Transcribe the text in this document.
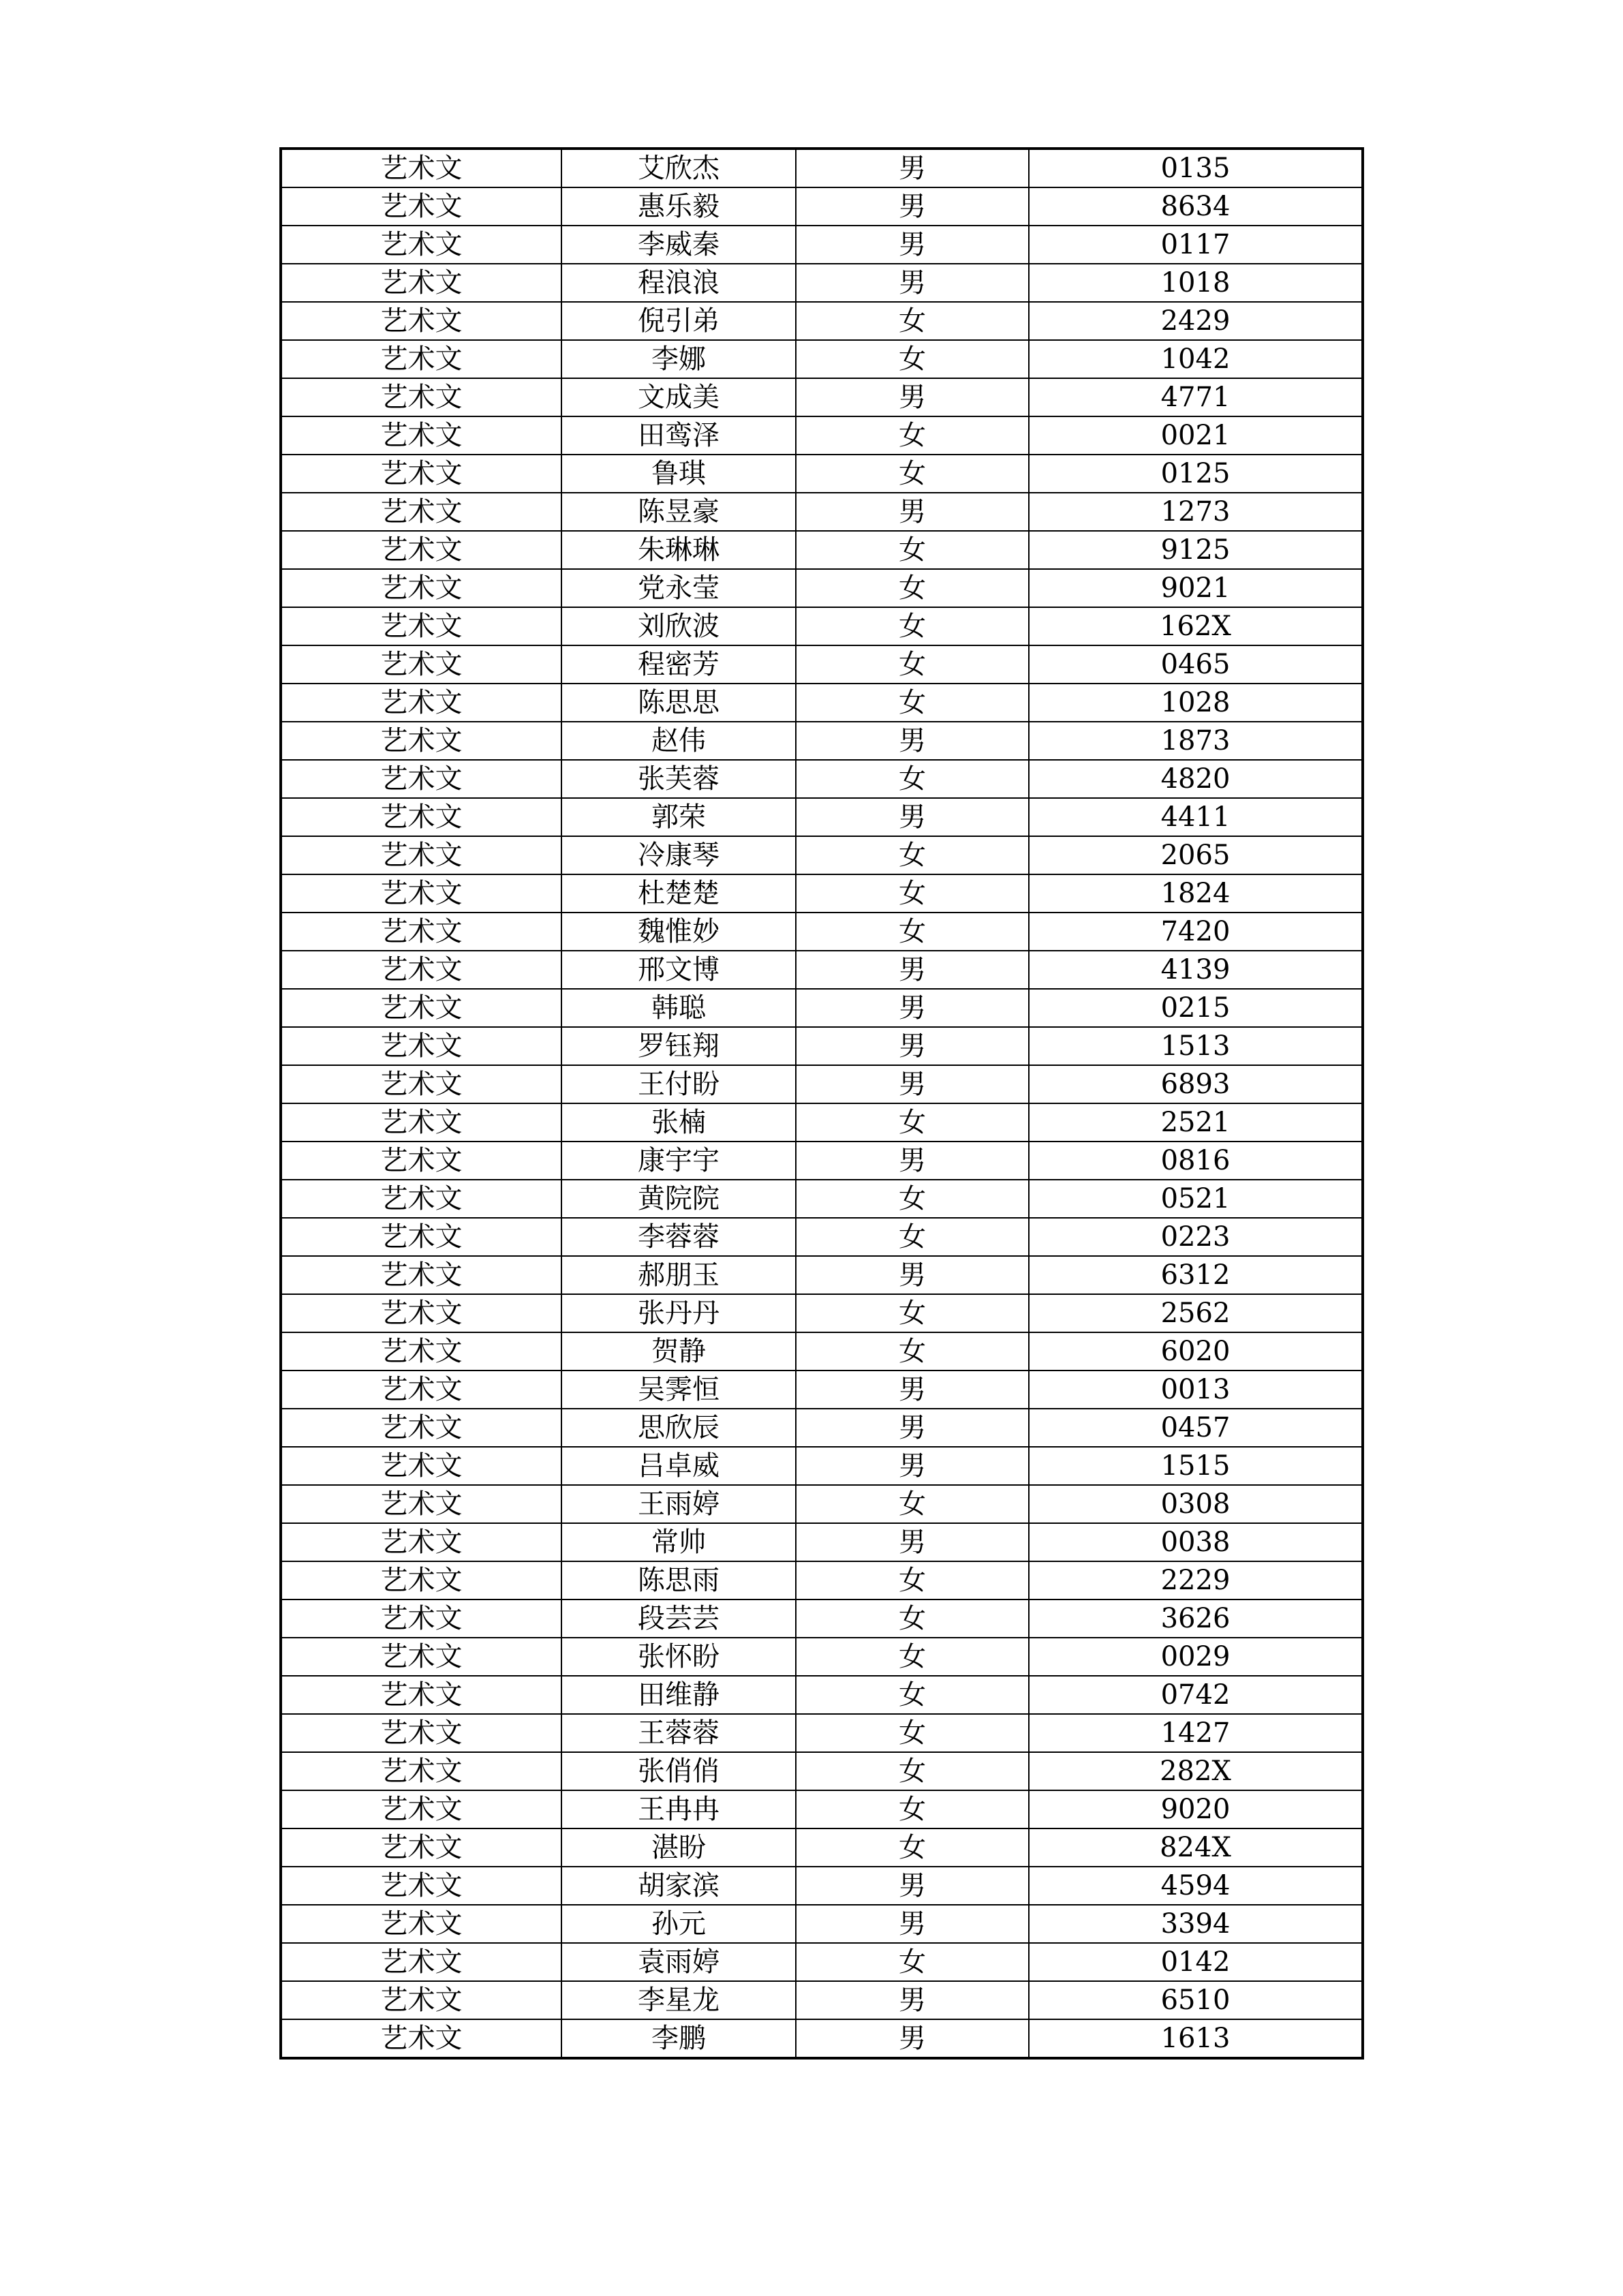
艺术文	艾欣杰	男	0135
艺术文	惠乐毅	男	8634
艺术文	李威秦	男	0117
艺术文	程浪浪	男	1018
艺术文	倪引弟	女	2429
艺术文	李娜	女	1042
艺术文	文成美	男	4771
艺术文	田鸾泽	女	0021
艺术文	鲁琪	女	0125
艺术文	陈昱豪	男	1273
艺术文	朱琳琳	女	9125
艺术文	党永莹	女	9021
艺术文	刘欣波	女	162X
艺术文	程密芳	女	0465
艺术文	陈思思	女	1028
艺术文	赵伟	男	1873
艺术文	张芙蓉	女	4820
艺术文	郭荣	男	4411
艺术文	冷康琴	女	2065
艺术文	杜楚楚	女	1824
艺术文	魏惟妙	女	7420
艺术文	邢文博	男	4139
艺术文	韩聪	男	0215
艺术文	罗钰翔	男	1513
艺术文	王付盼	男	6893
艺术文	张楠	女	2521
艺术文	康宇宇	男	0816
艺术文	黄院院	女	0521
艺术文	李蓉蓉	女	0223
艺术文	郝朋玉	男	6312
艺术文	张丹丹	女	2562
艺术文	贺静	女	6020
艺术文	吴霁恒	男	0013
艺术文	思欣辰	男	0457
艺术文	吕卓威	男	1515
艺术文	王雨婷	女	0308
艺术文	常帅	男	0038
艺术文	陈思雨	女	2229
艺术文	段芸芸	女	3626
艺术文	张怀盼	女	0029
艺术文	田维静	女	0742
艺术文	王蓉蓉	女	1427
艺术文	张俏俏	女	282X
艺术文	王冉冉	女	9020
艺术文	湛盼	女	824X
艺术文	胡家滨	男	4594
艺术文	孙元	男	3394
艺术文	袁雨婷	女	0142
艺术文	李星龙	男	6510
艺术文	李鹏	男	1613
